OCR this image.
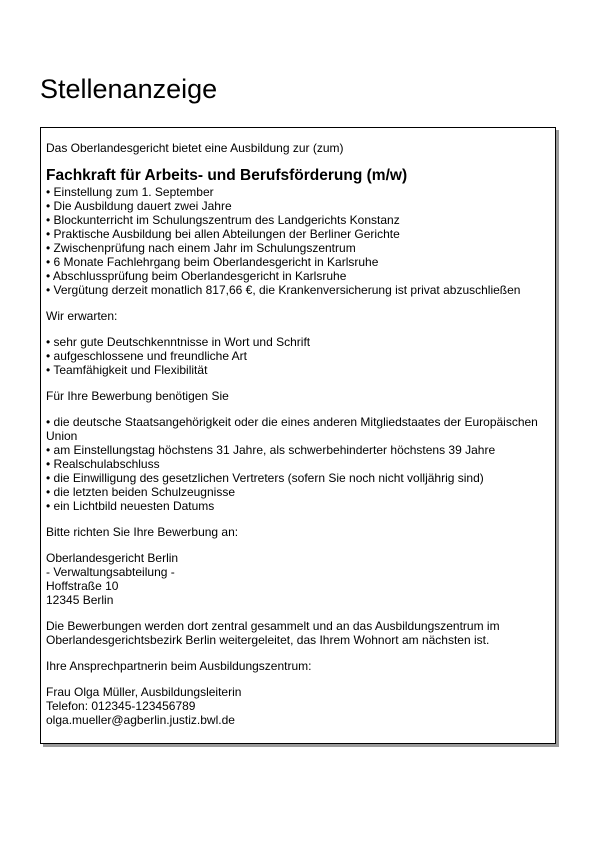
Stellenanzeige

Das Oberlandesgericht bietet eine Ausbildung zur (zum)

Fachkraft für Arbeits- und Berufsförderung (m/w)

• Einstellung zum 1. September
• Die Ausbildung dauert zwei Jahre
• Blockunterricht im Schulungszentrum des Landgerichts Konstanz
• Praktische Ausbildung bei allen Abteilungen der Berliner Gerichte
• Zwischenprüfung nach einem Jahr im Schulungszentrum
• 6 Monate Fachlehrgang beim Oberlandesgericht in Karlsruhe
• Abschlussprüfung beim Oberlandesgericht in Karlsruhe
• Vergütung derzeit monatlich 817,66 €, die Krankenversicherung ist privat abzuschließen

Wir erwarten:

• sehr gute Deutschkenntnisse in Wort und Schrift
• aufgeschlossene und freundliche Art
• Teamfähigkeit und Flexibilität

Für Ihre Bewerbung benötigen Sie

• die deutsche Staatsangehörigkeit oder die eines anderen Mitgliedstaates der Europäischen Union
• am Einstellungstag höchstens 31 Jahre, als schwerbehinderter höchstens 39 Jahre
• Realschulabschluss
• die Einwilligung des gesetzlichen Vertreters (sofern Sie noch nicht volljährig sind)
• die letzten beiden Schulzeugnisse
• ein Lichtbild neuesten Datums

Bitte richten Sie Ihre Bewerbung an:

Oberlandesgericht Berlin

- Verwaltungsabteilung -

Hoffstraße 10

12345 Berlin

Die Bewerbungen werden dort zentral gesammelt und an das Ausbildungszentrum im Oberlandesgerichtsbezirk Berlin weitergeleitet, das Ihrem Wohnort am nächsten ist.

Ihre Ansprechpartnerin beim Ausbildungszentrum:

Frau Olga Müller, Ausbildungsleiterin

Telefon: 012345-123456789

olga.mueller@agberlin.justiz.bwl.de
